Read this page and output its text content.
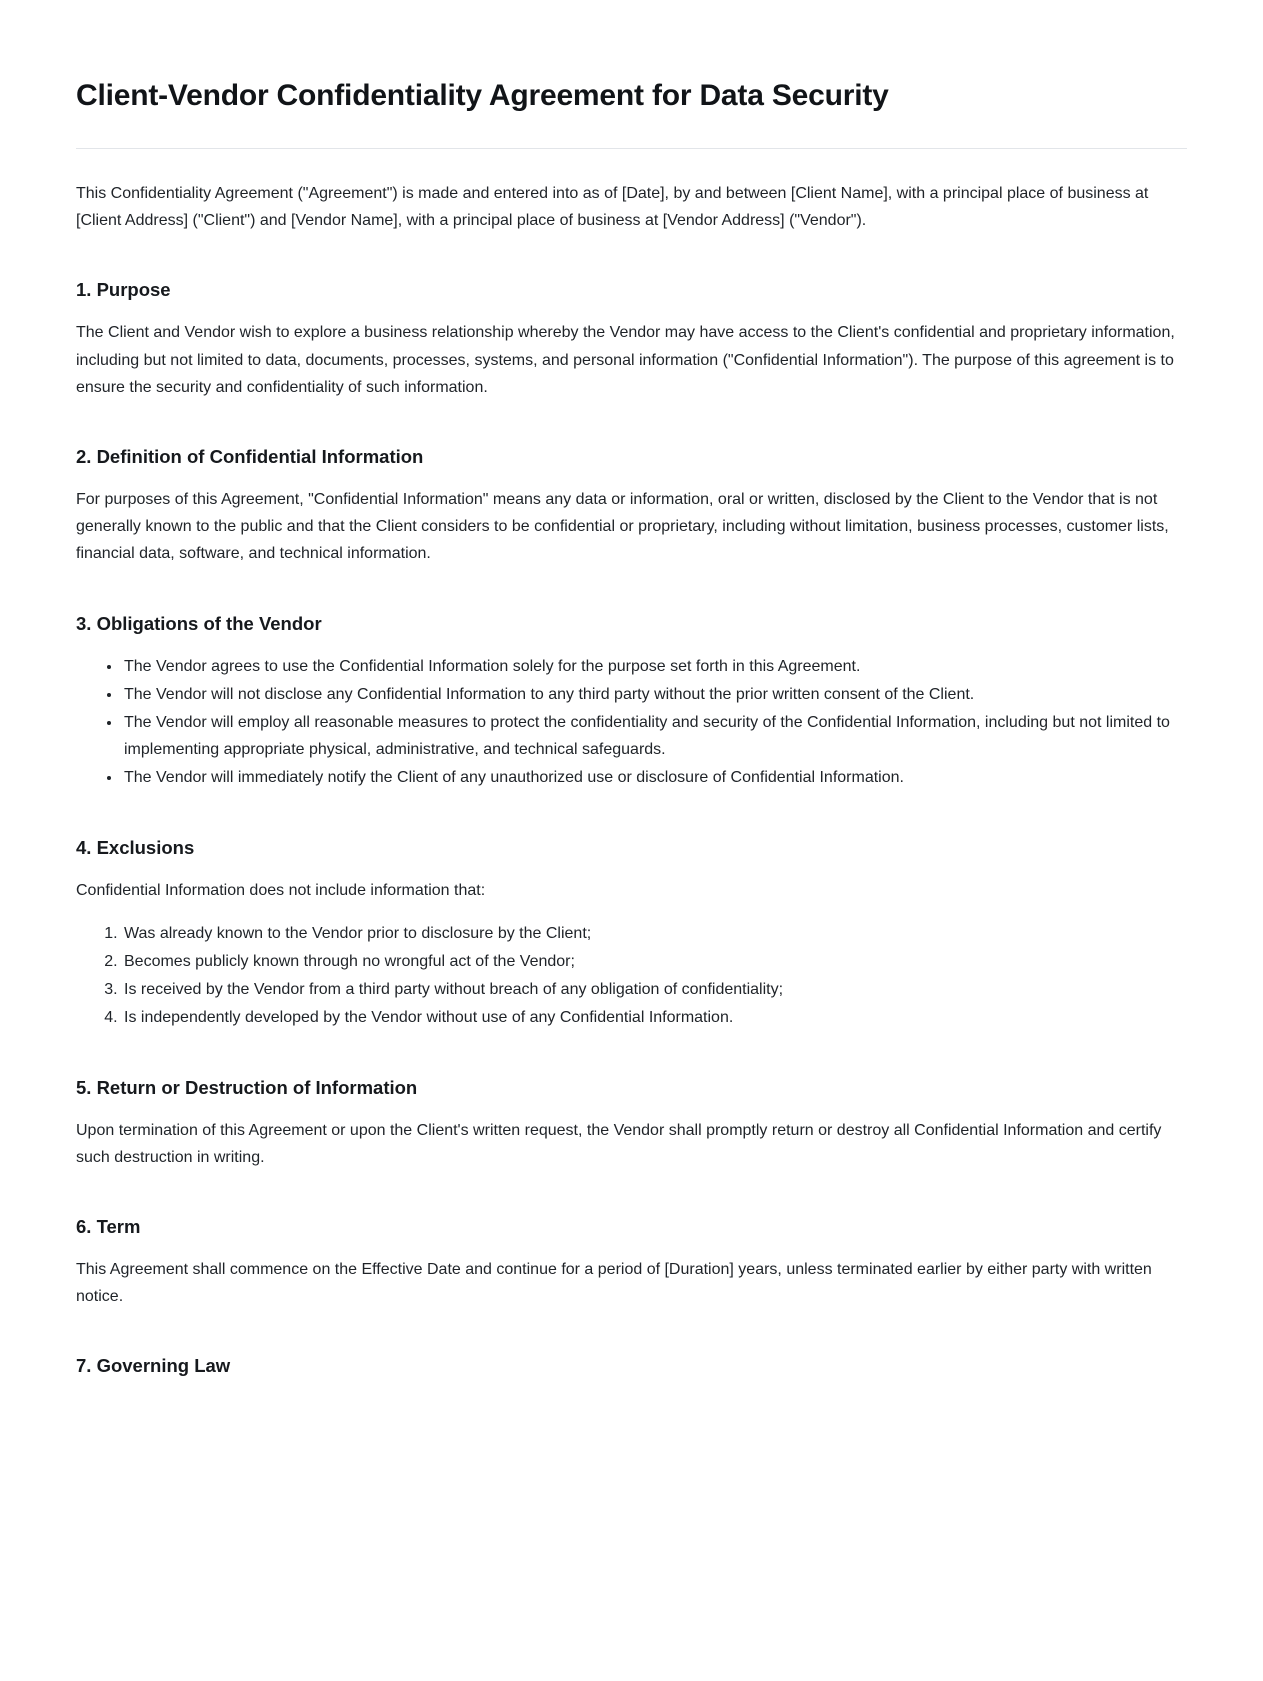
Client-Vendor Confidentiality Agreement for Data Security

This Confidentiality Agreement ("Agreement") is made and entered into as of [Date], by and between [Client Name], with a principal place of business at [Client Address] ("Client") and [Vendor Name], with a principal place of business at [Vendor Address] ("Vendor").

1. Purpose

The Client and Vendor wish to explore a business relationship whereby the Vendor may have access to the Client's confidential and proprietary information, including but not limited to data, documents, processes, systems, and personal information ("Confidential Information"). The purpose of this agreement is to ensure the security and confidentiality of such information.

2. Definition of Confidential Information

For purposes of this Agreement, "Confidential Information" means any data or information, oral or written, disclosed by the Client to the Vendor that is not generally known to the public and that the Client considers to be confidential or proprietary, including without limitation, business processes, customer lists, financial data, software, and technical information.

3. Obligations of the Vendor
• The Vendor agrees to use the Confidential Information solely for the purpose set forth in this Agreement.
• The Vendor will not disclose any Confidential Information to any third party without the prior written consent of the Client.
• The Vendor will employ all reasonable measures to protect the confidentiality and security of the Confidential Information, including but not limited to implementing appropriate physical, administrative, and technical safeguards.
• The Vendor will immediately notify the Client of any unauthorized use or disclosure of Confidential Information.
4. Exclusions

Confidential Information does not include information that:

1. Was already known to the Vendor prior to disclosure by the Client;
2. Becomes publicly known through no wrongful act of the Vendor;
3. Is received by the Vendor from a third party without breach of any obligation of confidentiality;
4. Is independently developed by the Vendor without use of any Confidential Information.
5. Return or Destruction of Information

Upon termination of this Agreement or upon the Client's written request, the Vendor shall promptly return or destroy all Confidential Information and certify such destruction in writing.

6. Term

This Agreement shall commence on the Effective Date and continue for a period of [Duration] years, unless terminated earlier by either party with written notice.

7. Governing Law
